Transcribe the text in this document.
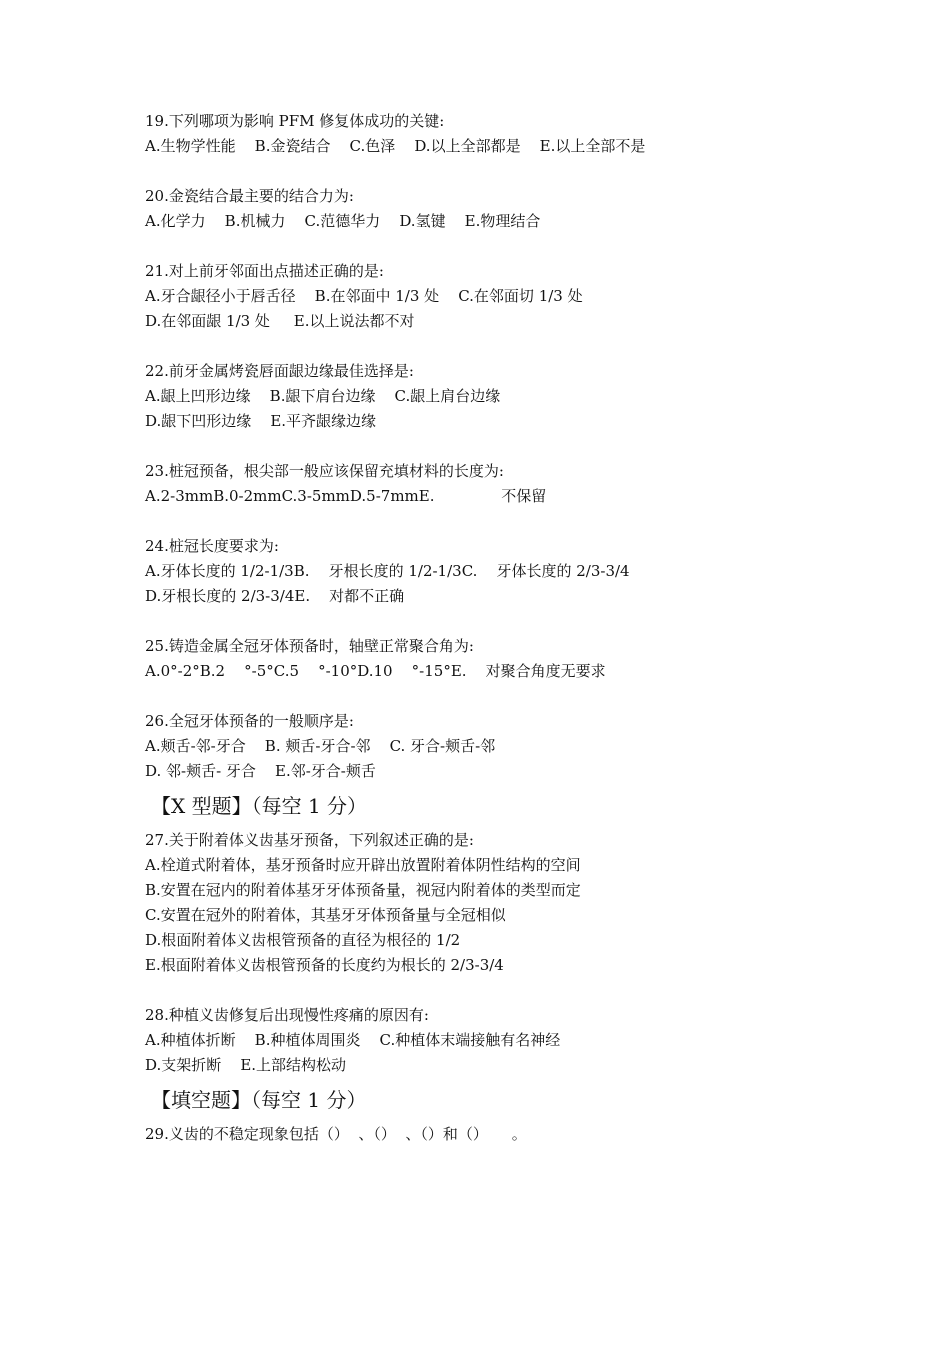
19.下列哪项为影响 PFM 修复体成功的关键:
A.生物学性能    B.金瓷结合    C.色泽    D.以上全部都是    E.以上全部不是
20.金瓷结合最主要的结合力为:
A.化学力    B.机械力    C.范德华力    D.氢键    E.物理结合
21.对上前牙邻面出点描述正确的是:
A.牙合龈径小于唇舌径    B.在邻面中 1/3 处    C.在邻面切 1/3 处
D.在邻面龈 1/3 处     E.以上说法都不对
22.前牙金属烤瓷唇面龈边缘最佳选择是:
A.龈上凹形边缘    B.龈下肩台边缘    C.龈上肩台边缘
D.龈下凹形边缘    E.平齐龈缘边缘
23.桩冠预备，根尖部一般应该保留充填材料的长度为:
A.2-3mmB.0-2mmC.3-5mmD.5-7mmE.              不保留
24.桩冠长度要求为:
A.牙体长度的 1/2-1/3B.    牙根长度的 1/2-1/3C.    牙体长度的 2/3-3/4
D.牙根长度的 2/3-3/4E.    对都不正确
25.铸造金属全冠牙体预备时，轴壁正常聚合角为:
A.0°-2°B.2    °-5°C.5    °-10°D.10    °-15°E.    对聚合角度无要求
26.全冠牙体预备的一般顺序是:
A.颊舌-邻-牙合    B. 颊舌-牙合-邻    C. 牙合-颊舌-邻
D. 邻-颊舌- 牙合    E.邻-牙合-颊舌
【X 型题】（每空 1 分）
27.关于附着体义齿基牙预备，下列叙述正确的是:
A.栓道式附着体，基牙预备时应开辟出放置附着体阴性结构的空间
B.安置在冠内的附着体基牙牙体预备量，视冠内附着体的类型而定
C.安置在冠外的附着体，其基牙牙体预备量与全冠相似
D.根面附着体义齿根管预备的直径为根径的 1/2
E.根面附着体义齿根管预备的长度约为根长的 2/3-3/4
28.种植义齿修复后出现慢性疼痛的原因有:
A.种植体折断    B.种植体周围炎    C.种植体末端接触有名神经
D.支架折断    E.上部结构松动
【填空题】（每空 1 分）
29.义齿的不稳定现象包括（）  、（）  、（）和（）     。
